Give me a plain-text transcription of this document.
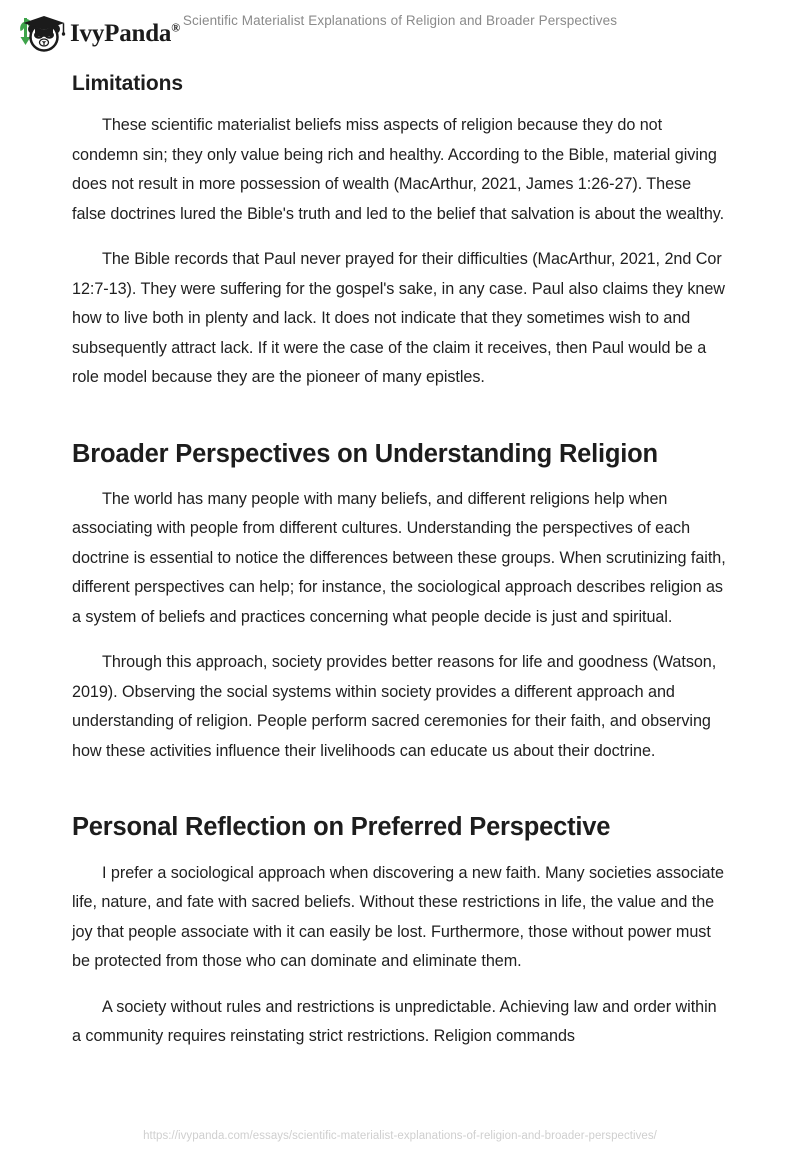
IvyPanda® Scientific Materialist Explanations of Religion and Broader Perspectives
Limitations

These scientific materialist beliefs miss aspects of religion because they do not condemn sin; they only value being rich and healthy. According to the Bible, material giving does not result in more possession of wealth (MacArthur, 2021, James 1:26-27). These false doctrines lured the Bible's truth and led to the belief that salvation is about the wealthy.

The Bible records that Paul never prayed for their difficulties (MacArthur, 2021, 2nd Cor 12:7-13). They were suffering for the gospel's sake, in any case. Paul also claims they knew how to live both in plenty and lack. It does not indicate that they sometimes wish to and subsequently attract lack. If it were the case of the claim it receives, then Paul would be a role model because they are the pioneer of many epistles.

Broader Perspectives on Understanding Religion

The world has many people with many beliefs, and different religions help when associating with people from different cultures. Understanding the perspectives of each doctrine is essential to notice the differences between these groups. When scrutinizing faith, different perspectives can help; for instance, the sociological approach describes religion as a system of beliefs and practices concerning what people decide is just and spiritual.

Through this approach, society provides better reasons for life and goodness (Watson, 2019). Observing the social systems within society provides a different approach and understanding of religion. People perform sacred ceremonies for their faith, and observing how these activities influence their livelihoods can educate us about their doctrine.

Personal Reflection on Preferred Perspective

I prefer a sociological approach when discovering a new faith. Many societies associate life, nature, and fate with sacred beliefs. Without these restrictions in life, the value and the joy that people associate with it can easily be lost. Furthermore, those without power must be protected from those who can dominate and eliminate them.

A society without rules and restrictions is unpredictable. Achieving law and order within a community requires reinstating strict restrictions. Religion commands

https://ivypanda.com/essays/scientific-materialist-explanations-of-religion-and-broader-perspectives/
